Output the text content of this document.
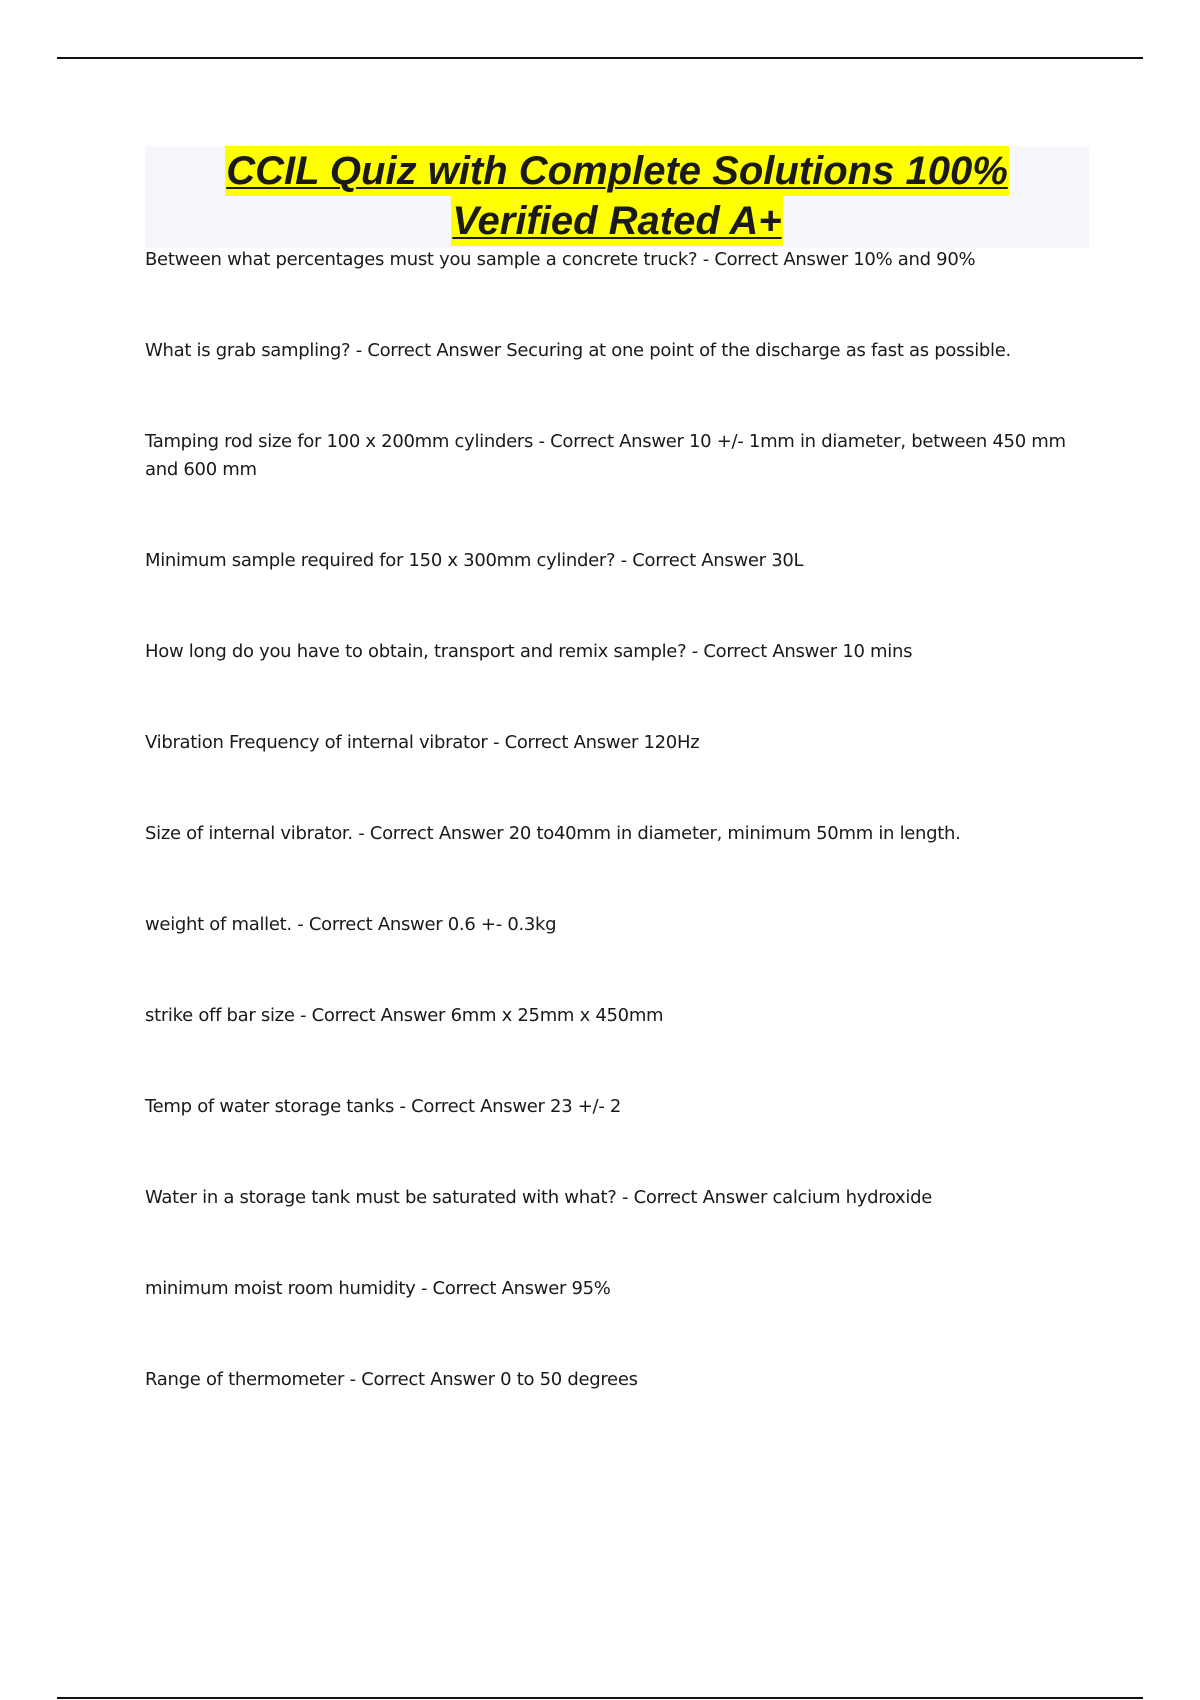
CCIL Quiz with Complete Solutions 100%
Verified Rated A+
Between what percentages must you sample a concrete truck? - Correct Answer 10% and 90%
What is grab sampling? - Correct Answer Securing at one point of the discharge as fast as possible.
Tamping rod size for 100 x 200mm cylinders - Correct Answer 10 +/- 1mm in diameter, between 450 mm and 600 mm
Minimum sample required for 150 x 300mm cylinder? - Correct Answer 30L
How long do you have to obtain, transport and remix sample? - Correct Answer 10 mins
Vibration Frequency of internal vibrator - Correct Answer 120Hz
Size of internal vibrator. - Correct Answer 20 to40mm in diameter, minimum 50mm in length.
weight of mallet. - Correct Answer 0.6 +- 0.3kg
strike off bar size - Correct Answer 6mm x 25mm x 450mm
Temp of water storage tanks - Correct Answer 23 +/- 2
Water in a storage tank must be saturated with what? - Correct Answer calcium hydroxide
minimum moist room humidity - Correct Answer 95%
Range of thermometer - Correct Answer 0 to 50 degrees
